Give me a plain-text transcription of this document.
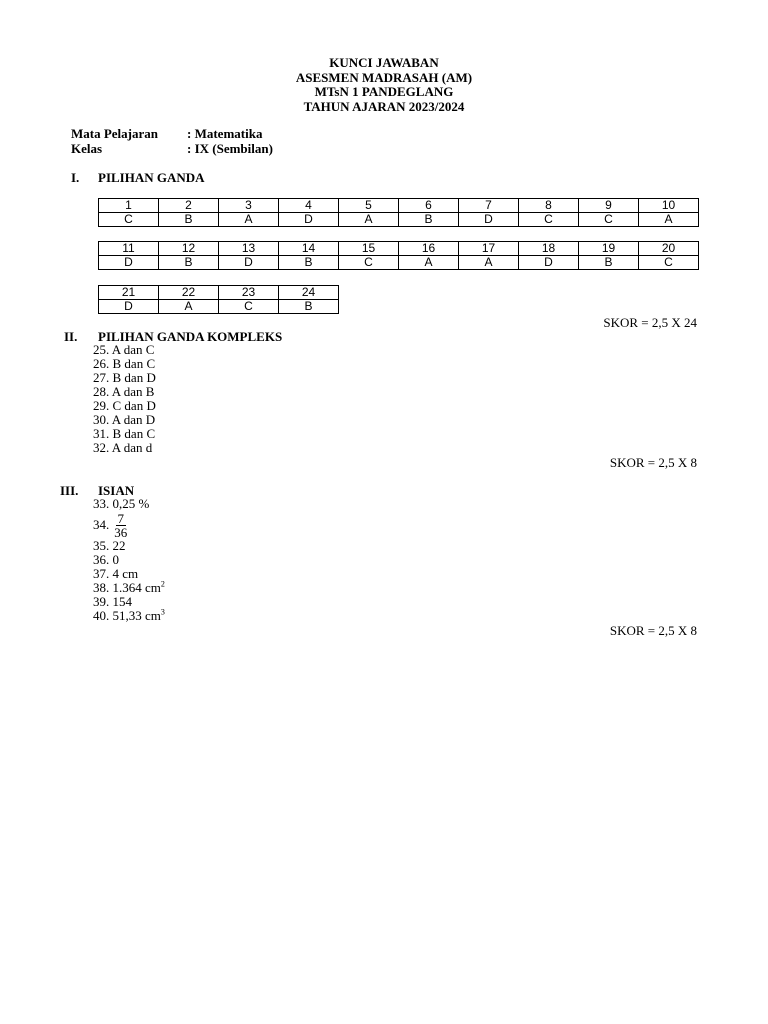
KUNCI JAWABAN
ASESMEN MADRASAH (AM)
MTsN 1 PANDEGLANG
TAHUN AJARAN 2023/2024
Mata Pelajaran	: Matematika
Kelas	: IX (Sembilan)
I.	PILIHAN GANDA
1	2	3	4	5	6	7	8	9	10
C	B	A	D	A	B	D	C	C	A
11	12	13	14	15	16	17	18	19	20
D	B	D	B	C	A	A	D	B	C
21	22	23	24
D	A	C	B
SKOR = 2,5 X 24
II.	PILIHAN GANDA KOMPLEKS
25. A dan C
26. B dan C
27. B dan D
28. A dan B
29. C dan D
30. A dan D
31. B dan C
32. A dan d
SKOR = 2,5 X 8
III.	ISIAN
33. 0,25 %
34. $\frac{7}{36}$
35. 22
36. 0
37. 4 cm
38. 1.364 $cm^2$
39. 154
40. 51,33 $cm^3$
SKOR = 2,5 X 8
